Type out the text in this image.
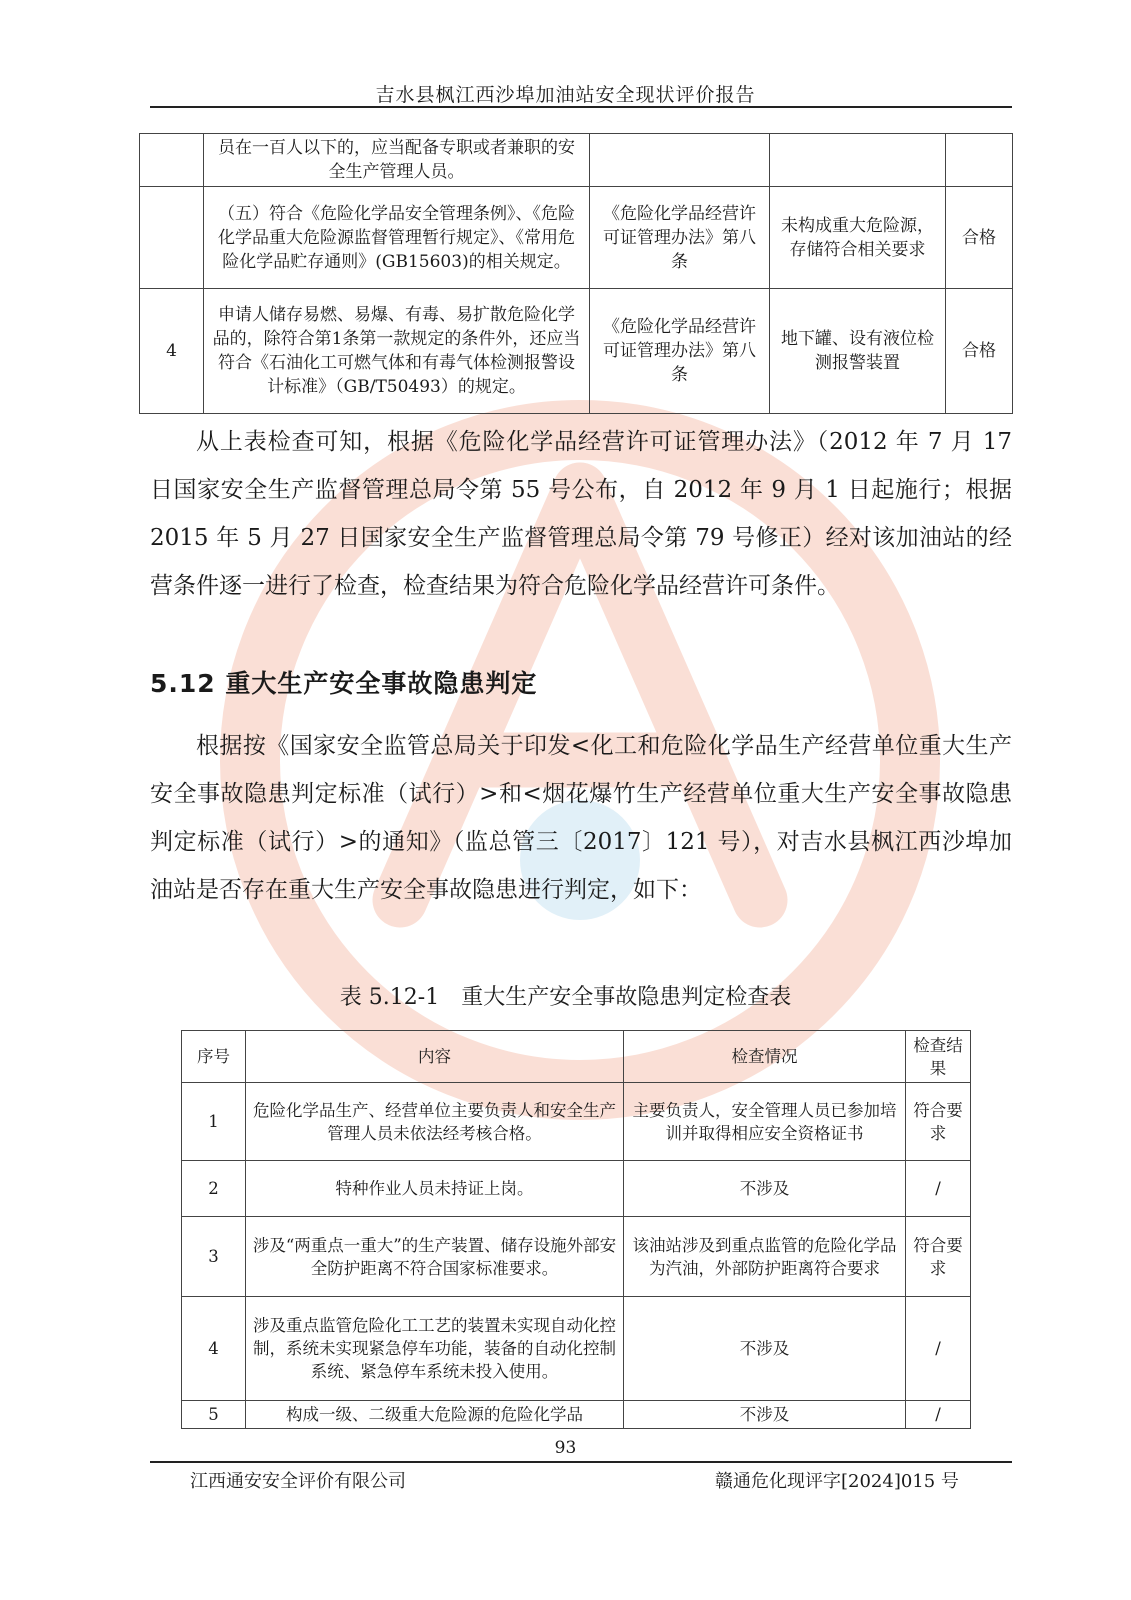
吉水县枫江西沙埠加油站安全现状评价报告
	员在一百人以下的，应当配备专职或者兼职的安全生产管理人员。			
	（五）符合《危险化学品安全管理条例》、《危险化学品重大危险源监督管理暂行规定》、《常用危险化学品贮存通则》(GB15603)的相关规定。	《危险化学品经营许可证管理办法》第八条	未构成重大危险源，存储符合相关要求	合格
4	申请人储存易燃、易爆、有毒、易扩散危险化学品的，除符合第1条第一款规定的条件外，还应当符合《石油化工可燃气体和有毒气体检测报警设计标准》（GB/T50493）的规定。	《危险化学品经营许可证管理办法》第八条	地下罐、设有液位检测报警装置	合格

从上表检查可知，根据《危险化学品经营许可证管理办法》（2012 年 7 月 17 日国家安全生产监督管理总局令第 55 号公布，自 2012 年 9 月 1 日起施行；根据 2015 年 5 月 27 日国家安全生产监督管理总局令第 79 号修正）经对该加油站的经营条件逐一进行了检查，检查结果为符合危险化学品经营许可条件。

5.12 重大生产安全事故隐患判定

根据按《国家安全监管总局关于印发<化工和危险化学品生产经营单位重大生产安全事故隐患判定标准（试行）>和<烟花爆竹生产经营单位重大生产安全事故隐患判定标准（试行）>的通知》（监总管三〔2017〕121 号），对吉水县枫江西沙埠加油站是否存在重大生产安全事故隐患进行判定，如下：

表 5.12-1　重大生产安全事故隐患判定检查表
序号	内容	检查情况	检查结果
1	危险化学品生产、经营单位主要负责人和安全生产管理人员未依法经考核合格。	主要负责人，安全管理人员已参加培训并取得相应安全资格证书	符合要求
2	特种作业人员未持证上岗。	不涉及	/
3	涉及“两重点一重大”的生产装置、储存设施外部安全防护距离不符合国家标准要求。	该油站涉及到重点监管的危险化学品为汽油，外部防护距离符合要求	符合要求
4	涉及重点监管危险化工工艺的装置未实现自动化控制，系统未实现紧急停车功能，装备的自动化控制系统、紧急停车系统未投入使用。	不涉及	/
5	构成一级、二级重大危险源的危险化学品	不涉及	/
93
江西通安安全评价有限公司	赣通危化现评字[2024]015 号
